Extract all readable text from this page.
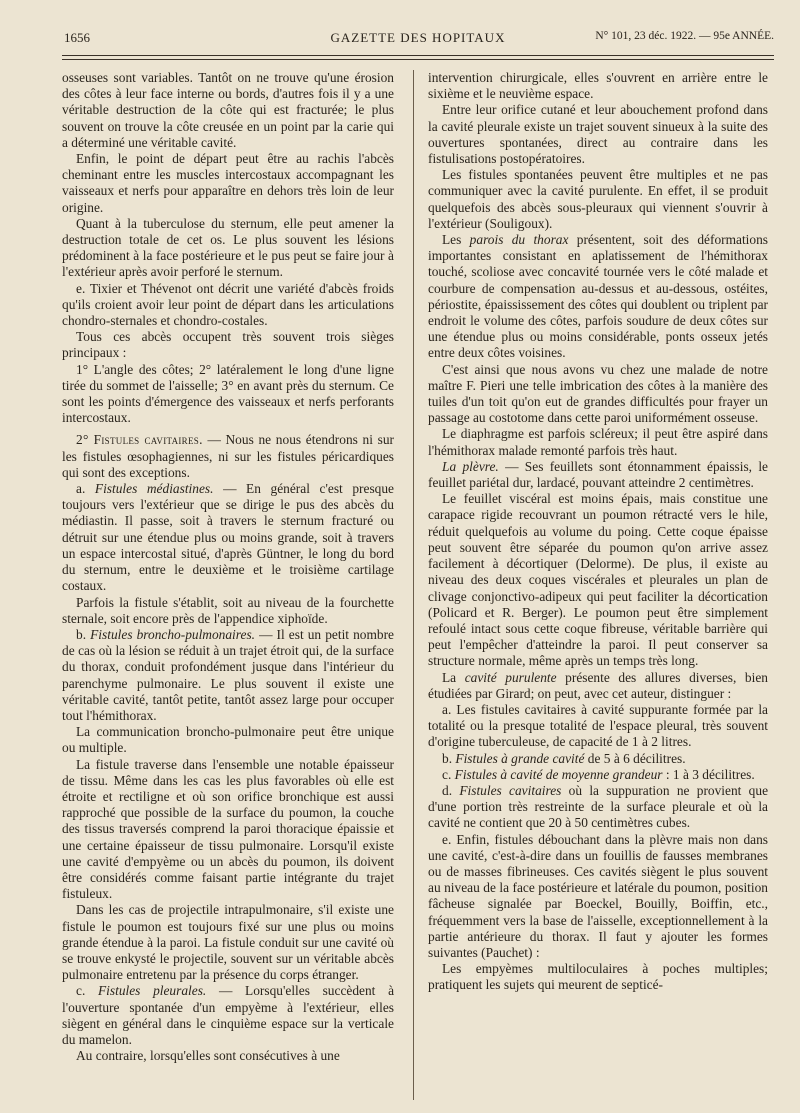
1656	GAZETTE DES HOPITAUX	N° 101, 23 déc. 1922. — 95e ANNÉE.

osseuses sont variables. Tantôt on ne trouve qu'une érosion des côtes à leur face interne ou bords, d'autres fois il y a une véritable destruction de la côte qui est fracturée; le plus souvent on trouve la côte creusée en un point par la carie qui a déterminé une véritable cavité.

Enfin, le point de départ peut être au rachis l'abcès cheminant entre les muscles intercostaux accompagnant les vaisseaux et nerfs pour apparaître en dehors très loin de leur origine.

Quant à la tuberculose du sternum, elle peut amener la destruction totale de cet os. Le plus souvent les lésions prédominent à la face postérieure et le pus peut se faire jour à l'extérieur après avoir perforé le sternum.

e. Tixier et Thévenot ont décrit une variété d'abcès froids qu'ils croient avoir leur point de départ dans les articulations chondro-sternales et chondro-costales.

Tous ces abcès occupent très souvent trois sièges principaux :

1° L'angle des côtes; 2° latéralement le long d'une ligne tirée du sommet de l'aisselle; 3° en avant près du sternum. Ce sont les points d'émergence des vaisseaux et nerfs perforants intercostaux.

2° Fistules cavitaires. — Nous ne nous étendrons ni sur les fistules œsophagiennes, ni sur les fistules péricardiques qui sont des exceptions.

a. Fistules médiastines. — En général c'est presque toujours vers l'extérieur que se dirige le pus des abcès du médiastin. Il passe, soit à travers le sternum fracturé ou détruit sur une étendue plus ou moins grande, soit à travers un espace intercostal situé, d'après Güntner, le long du bord du sternum, entre le deuxième et le troisième cartilage costaux.

Parfois la fistule s'établit, soit au niveau de la fourchette sternale, soit encore près de l'appendice xiphoïde.

b. Fistules broncho-pulmonaires. — Il est un petit nombre de cas où la lésion se réduit à un trajet étroit qui, de la surface du thorax, conduit profondément jusque dans l'intérieur du parenchyme pulmonaire. Le plus souvent il existe une véritable cavité, tantôt petite, tantôt assez large pour occuper tout l'hémithorax.

La communication broncho-pulmonaire peut être unique ou multiple.

La fistule traverse dans l'ensemble une notable épaisseur de tissu. Même dans les cas les plus favorables où elle est étroite et rectiligne et où son orifice bronchique est aussi rapproché que possible de la surface du poumon, la couche des tissus traversés comprend la paroi thoracique épaissie et une certaine épaisseur de tissu pulmonaire. Lorsqu'il existe une cavité d'empyème ou un abcès du poumon, ils doivent être considérés comme faisant partie intégrante du trajet fistuleux.

Dans les cas de projectile intrapulmonaire, s'il existe une fistule le poumon est toujours fixé sur une plus ou moins grande étendue à la paroi. La fistule conduit sur une cavité où se trouve enkysté le projectile, souvent sur un véritable abcès pulmonaire entretenu par la présence du corps étranger.

c. Fistules pleurales. — Lorsqu'elles succèdent à l'ouverture spontanée d'un empyème à l'extérieur, elles siègent en général dans le cinquième espace sur la verticale du mamelon.

Au contraire, lorsqu'elles sont consécutives à une

intervention chirurgicale, elles s'ouvrent en arrière entre le sixième et le neuvième espace.

Entre leur orifice cutané et leur abouchement profond dans la cavité pleurale existe un trajet souvent sinueux à la suite des ouvertures spontanées, direct au contraire dans les fistulisations postopératoires.

Les fistules spontanées peuvent être multiples et ne pas communiquer avec la cavité purulente. En effet, il se produit quelquefois des abcès sous-pleuraux qui viennent s'ouvrir à l'extérieur (Souligoux).

Les parois du thorax présentent, soit des déformations importantes consistant en aplatissement de l'hémithorax touché, scoliose avec concavité tournée vers le côté malade et courbure de compensation au-dessus et au-dessous, ostéites, périostite, épaississement des côtes qui doublent ou triplent par endroit le volume des côtes, parfois soudure de deux côtes sur une étendue plus ou moins considérable, ponts osseux jetés entre deux côtes voisines.

C'est ainsi que nous avons vu chez une malade de notre maître F. Pieri une telle imbrication des côtes à la manière des tuiles d'un toit qu'on eut de grandes difficultés pour frayer un passage au costotome dans cette paroi uniformément osseuse.

Le diaphragme est parfois scléreux; il peut être aspiré dans l'hémithorax malade remonté parfois très haut.

La plèvre. — Ses feuillets sont étonnamment épaissis, le feuillet pariétal dur, lardacé, pouvant atteindre 2 centimètres.

Le feuillet viscéral est moins épais, mais constitue une carapace rigide recouvrant un poumon rétracté vers le hile, réduit quelquefois au volume du poing. Cette coque épaisse peut souvent être séparée du poumon qu'on arrive assez facilement à décortiquer (Delorme). De plus, il existe au niveau des deux coques viscérales et pleurales un plan de clivage conjonctivo-adipeux qui peut faciliter la décortication (Policard et R. Berger). Le poumon peut être simplement refoulé intact sous cette coque fibreuse, véritable barrière qui peut l'empêcher d'atteindre la paroi. Il peut conserver sa structure normale, même après un temps très long.

La cavité purulente présente des allures diverses, bien étudiées par Girard; on peut, avec cet auteur, distinguer :

a. Les fistules cavitaires à cavité suppurante formée par la totalité ou la presque totalité de l'espace pleural, très souvent d'origine tuberculeuse, de capacité de 1 à 2 litres.

b. Fistules à grande cavité de 5 à 6 décilitres.

c. Fistules à cavité de moyenne grandeur : 1 à 3 décilitres.

d. Fistules cavitaires où la suppuration ne provient que d'une portion très restreinte de la surface pleurale et où la cavité ne contient que 20 à 50 centimètres cubes.

e. Enfin, fistules débouchant dans la plèvre mais non dans une cavité, c'est-à-dire dans un fouillis de fausses membranes ou de masses fibrineuses. Ces cavités siègent le plus souvent au niveau de la face postérieure et latérale du poumon, position fâcheuse signalée par Boeckel, Bouilly, Boiffin, etc., fréquemment vers la base de l'aisselle, exceptionnellement à la partie antérieure du thorax. Il faut y ajouter les formes suivantes (Pauchet) :

Les empyèmes multiloculaires à poches multiples; pratiquent les sujets qui meurent de septicé-
